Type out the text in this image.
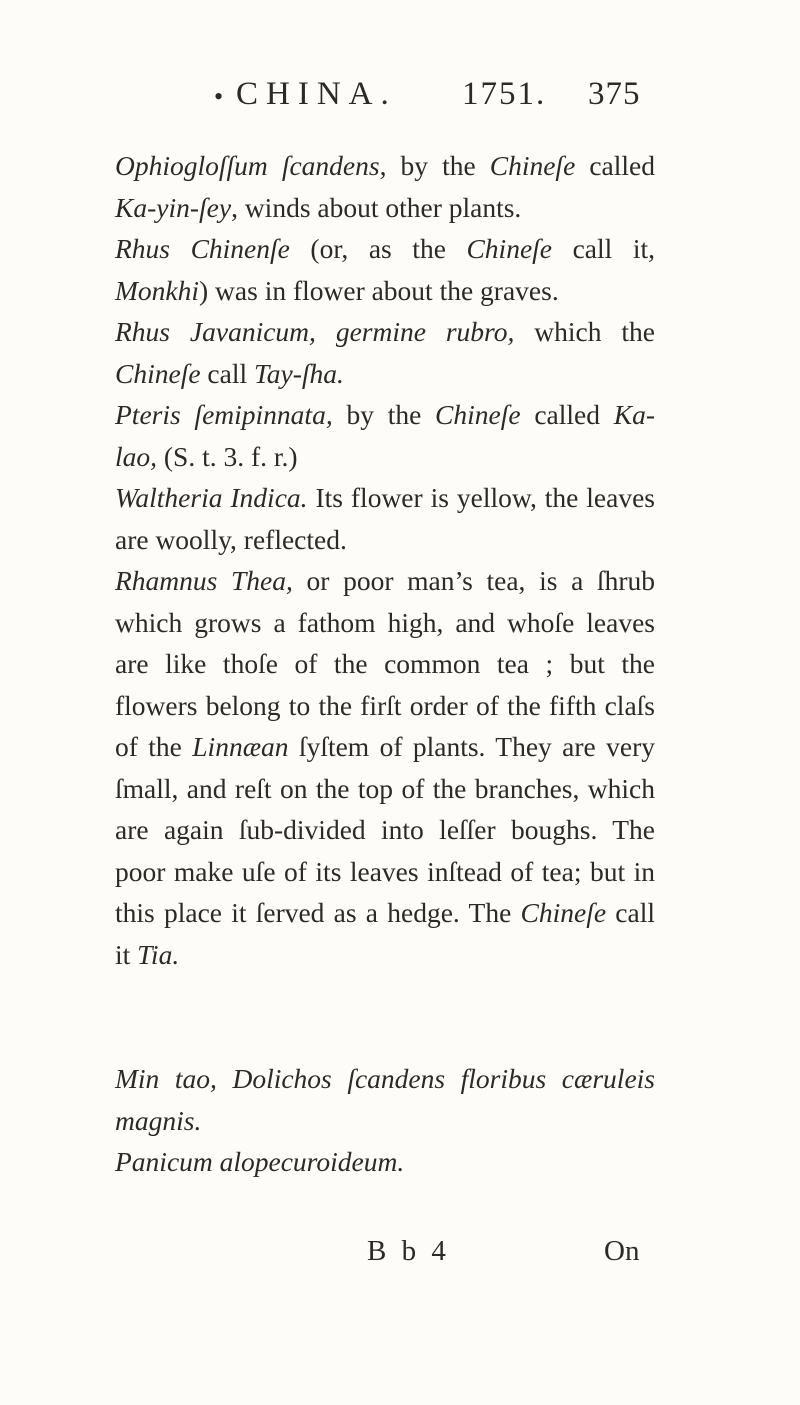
• CHINA. 1751. 375
Ophiogloſſum ſcandens, by the Chineſe called Ka-yin-ſey, winds about other plants.
Rhus Chinenſe (or, as the Chineſe call it, Monkhi) was in flower about the graves.
Rhus Javanicum, germine rubro, which the Chineſe call Tay-ſha.
Pteris ſemipinnata, by the Chineſe called Ka-lao, (S. t. 3. f. r.)
Waltheria Indica. Its flower is yellow, the leaves are woolly, reflected.
Rhamnus Thea, or poor man’s tea, is a ſhrub which grows a fathom high, and whoſe leaves are like thoſe of the common tea ; but the flowers belong to the firſt order of the fifth claſs of the Linnæan ſyſtem of plants. They are very ſmall, and reſt on the top of the branches, which are again ſub-divided into leſſer boughs. The poor make uſe of its leaves inſtead of tea; but in this place it ſerved as a hedge. The Chineſe call it Tia.
Min tao, Dolichos ſcandens floribus cæruleis magnis.
Panicum alopecuroideum.
B b 4	On
